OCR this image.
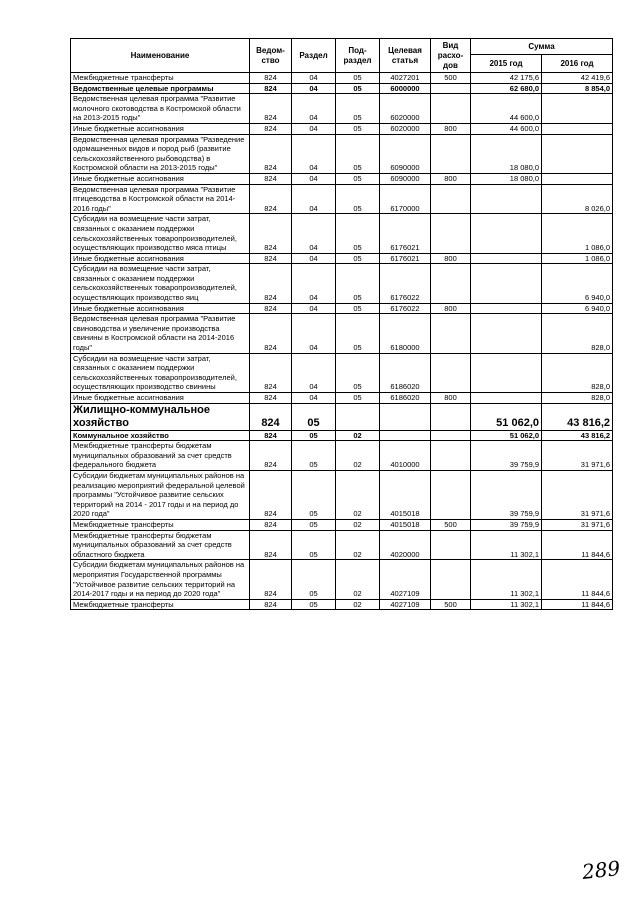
Наименование	Ведом-ство	Раздел	Под-раздел	Целевая статья	Вид расхо-дов	Сумма	
						2015 год	2016 год
Межбюджетные трансферты	824	04	05	4027201	500	42 175,6	42 419,6
Ведомственные целевые программы	824	04	05	6000000		62 680,0	8 854,0
Ведомственная целевая программа "Развитие молочного скотоводства в Костромской области на 2013-2015 годы"	824	04	05	6020000		44 600,0	
Иные бюджетные ассигнования	824	04	05	6020000	800	44 600,0	
Ведомственная целевая программа "Разведение одомашненных видов и пород рыб (развитие сельскохозяйственного рыбоводства) в Костромской области на 2013-2015 годы"	824	04	05	6090000		18 080,0	
Иные бюджетные ассигнования	824	04	05	6090000	800	18 080,0	
Ведомственная целевая программа "Развитие птицеводства в Костромской области на 2014-2016 годы"	824	04	05	6170000			8 026,0
Субсидии на возмещение части затрат, связанных с оказанием поддержки сельскохозяйственных товаропроизводителей, осуществляющих производство мяса птицы	824	04	05	6176021			1 086,0
Иные бюджетные ассигнования	824	04	05	6176021	800		1 086,0
Субсидии на возмещение части затрат, связанных с оказанием поддержки сельскохозяйственных товаропроизводителей, осуществляющих производство яиц	824	04	05	6176022			6 940,0
Иные бюджетные ассигнования	824	04	05	6176022	800		6 940,0
Ведомственная целевая программа "Развитие свиноводства и увеличение производства свинины в Костромской области на 2014-2016 годы"	824	04	05	6180000			828,0
Субсидии на возмещение части затрат, связанных с оказанием поддержки сельскохозяйственных товаропроизводителей, осуществляющих производство свинины	824	04	05	6186020			828,0
Иные бюджетные ассигнования	824	04	05	6186020	800		828,0
Жилищно-коммунальное хозяйство	824	05				51 062,0	43 816,2
Коммунальное хозяйство	824	05	02			51 062,0	43 816,2
Межбюджетные трансферты бюджетам муниципальных образований за счет средств федерального бюджета	824	05	02	4010000		39 759,9	31 971,6
Субсидии бюджетам муниципальных районов на реализацию мероприятий федеральной целевой программы "Устойчивое развитие сельских территорий на 2014 - 2017 годы и на период до 2020 года"	824	05	02	4015018		39 759,9	31 971,6
Межбюджетные трансферты	824	05	02	4015018	500	39 759,9	31 971,6
Межбюджетные трансферты бюджетам муниципальных образований за счет средств областного бюджета	824	05	02	4020000		11 302,1	11 844,6
Субсидии бюджетам муниципальных районов на мероприятия Государственной программы "Устойчивое развитие сельских территорий на 2014-2017 годы и на период до 2020 года"	824	05	02	4027109		11 302,1	11 844,6
Межбюджетные трансферты	824	05	02	4027109	500	11 302,1	11 844,6
289
